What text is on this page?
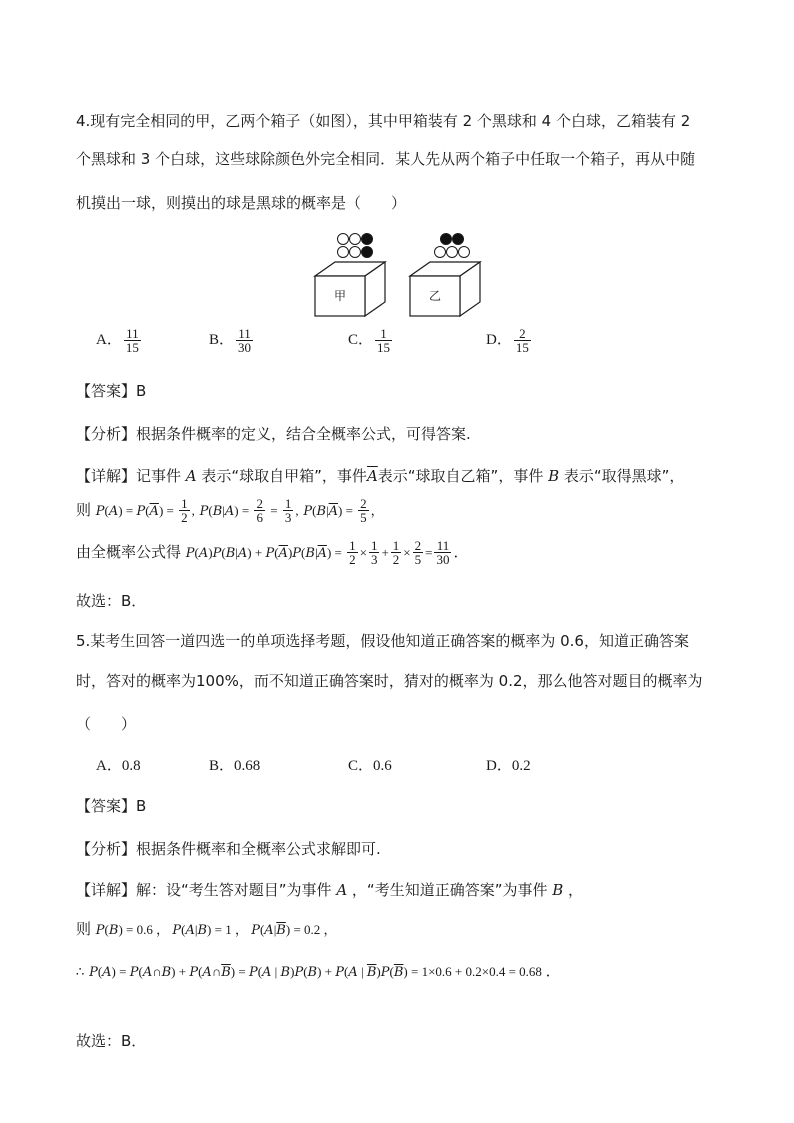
4.现有完全相同的甲，乙两个箱子（如图），其中甲箱装有 2 个黑球和 4 个白球，乙箱装有 2
个黑球和 3 个白球，这些球除颜色外完全相同．某人先从两个箱子中任取一个箱子，再从中随
机摸出一球，则摸出的球是黑球的概率是（　　）
甲	乙
A． $\frac{11}{15}$	B． $\frac{11}{30}$	C． $\frac{1}{15}$	D． $\frac{2}{15}$
【答案】B
【分析】根据条件概率的定义，结合全概率公式，可得答案.
【详解】记事件 A 表示“球取自甲箱”，事件$\overline{A}$表示“球取自乙箱”，事件 B 表示“取得黑球”，
则 $P(A) = P(\overline{A}) = \frac{1}{2}$ , $P(B|A) = \frac{2}{6} = \frac{1}{3}$ , $P(B|\overline{A}) = \frac{2}{5}$ ，
由全概率公式得 $P(A)P(B|A) + P(\overline{A})P(B|\overline{A}) = \frac{1}{2} \times \frac{1}{3} + \frac{1}{2} \times \frac{2}{5} = \frac{11}{30}$ ．
故选：B．
5.某考生回答一道四选一的单项选择考题，假设他知道正确答案的概率为 0.6，知道正确答案
时，答对的概率为100%，而不知道正确答案时，猜对的概率为 0.2，那么他答对题目的概率为
（　　）
A．0.8	B．0.68	C．0.6	D．0.2
【答案】B
【分析】根据条件概率和全概率公式求解即可.
【详解】解：设“考生答对题目”为事件 A ，“考生知道正确答案”为事件 B ，
则 P(B) = 0.6 ， P(A|B) = 1 ， $P(A|\overline{B}) = 0.2$ ，
∴ P(A) = P(A∩B) + $P(A\cap\overline{B}) = P(A$ | B)P(B) + P(A | $\overline{B})P(\overline{B}) = 1\times 0.6 + 0.2\times 0.4 = 0.68$ ．
故选：B．
